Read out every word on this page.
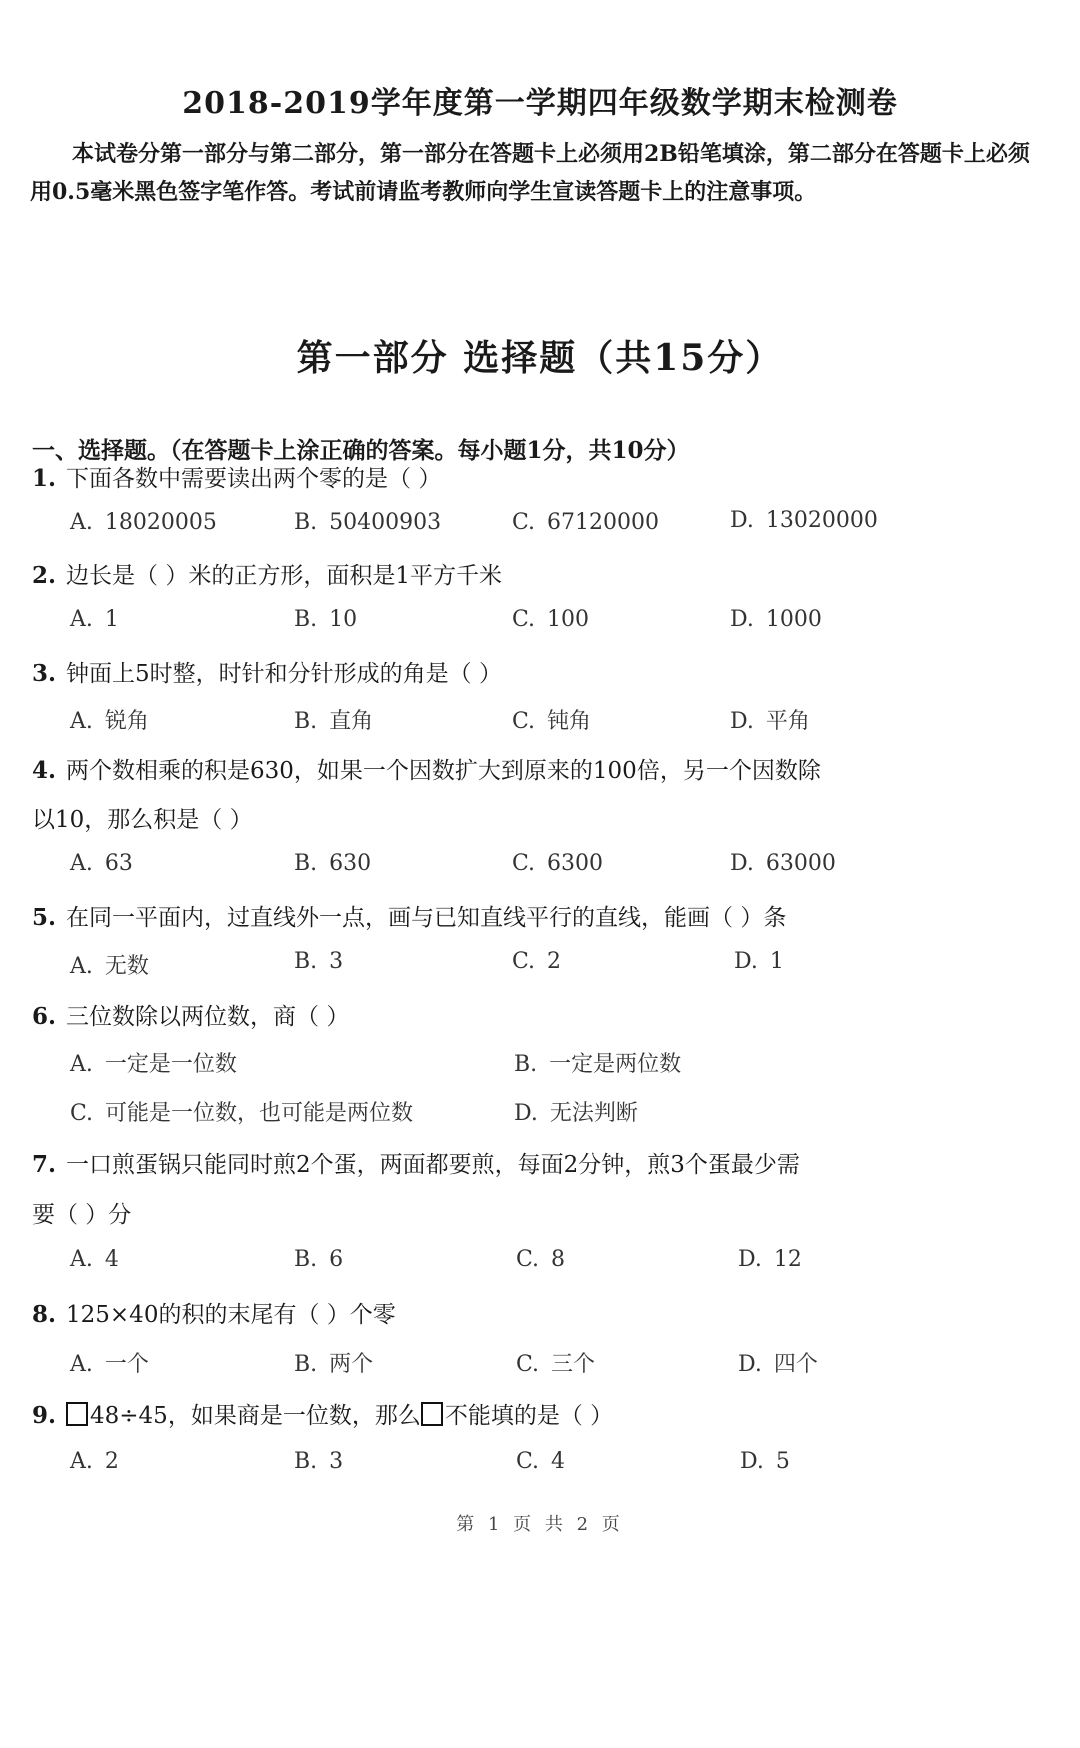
2018-2019学年度第一学期四年级数学期末检测卷
本试卷分第一部分与第二部分，第一部分在答题卡上必须用2B铅笔填涂，第二部分在答题卡上必须用0.5毫米黑色签字笔作答。考试前请监考教师向学生宣读答题卡上的注意事项。
第一部分 选择题（共15分）
一、选择题。（在答题卡上涂正确的答案。每小题1分，共10分）
1. 下面各数中需要读出两个零的是（ ）
A. 18020005	B. 50400903	C. 67120000	D. 13020000
2. 边长是（ ）米的正方形，面积是1平方千米
A. 1	B. 10	C. 100	D. 1000
3. 钟面上5时整，时针和分针形成的角是（ ）
A. 锐角	B. 直角	C. 钝角	D. 平角
4. 两个数相乘的积是630，如果一个因数扩大到原来的100倍，另一个因数除
以10，那么积是（ ）
A. 63	B. 630	C. 6300	D. 63000
5. 在同一平面内，过直线外一点，画与已知直线平行的直线，能画（ ）条
A. 无数	B. 3	C. 2	D. 1
6. 三位数除以两位数，商（ ）
A. 一定是一位数	B. 一定是两位数
C. 可能是一位数，也可能是两位数	D. 无法判断
7. 一口煎蛋锅只能同时煎2个蛋，两面都要煎，每面2分钟，煎3个蛋最少需
要（ ）分
A. 4	B. 6	C. 8	D. 12
8. 125×40的积的末尾有（ ）个零
A. 一个	B. 两个	C. 三个	D. 四个
9. 48÷45，如果商是一位数，那么 不能填的是（ ）
A. 2	B. 3	C. 4	D. 5
第 1 页 共 2 页
